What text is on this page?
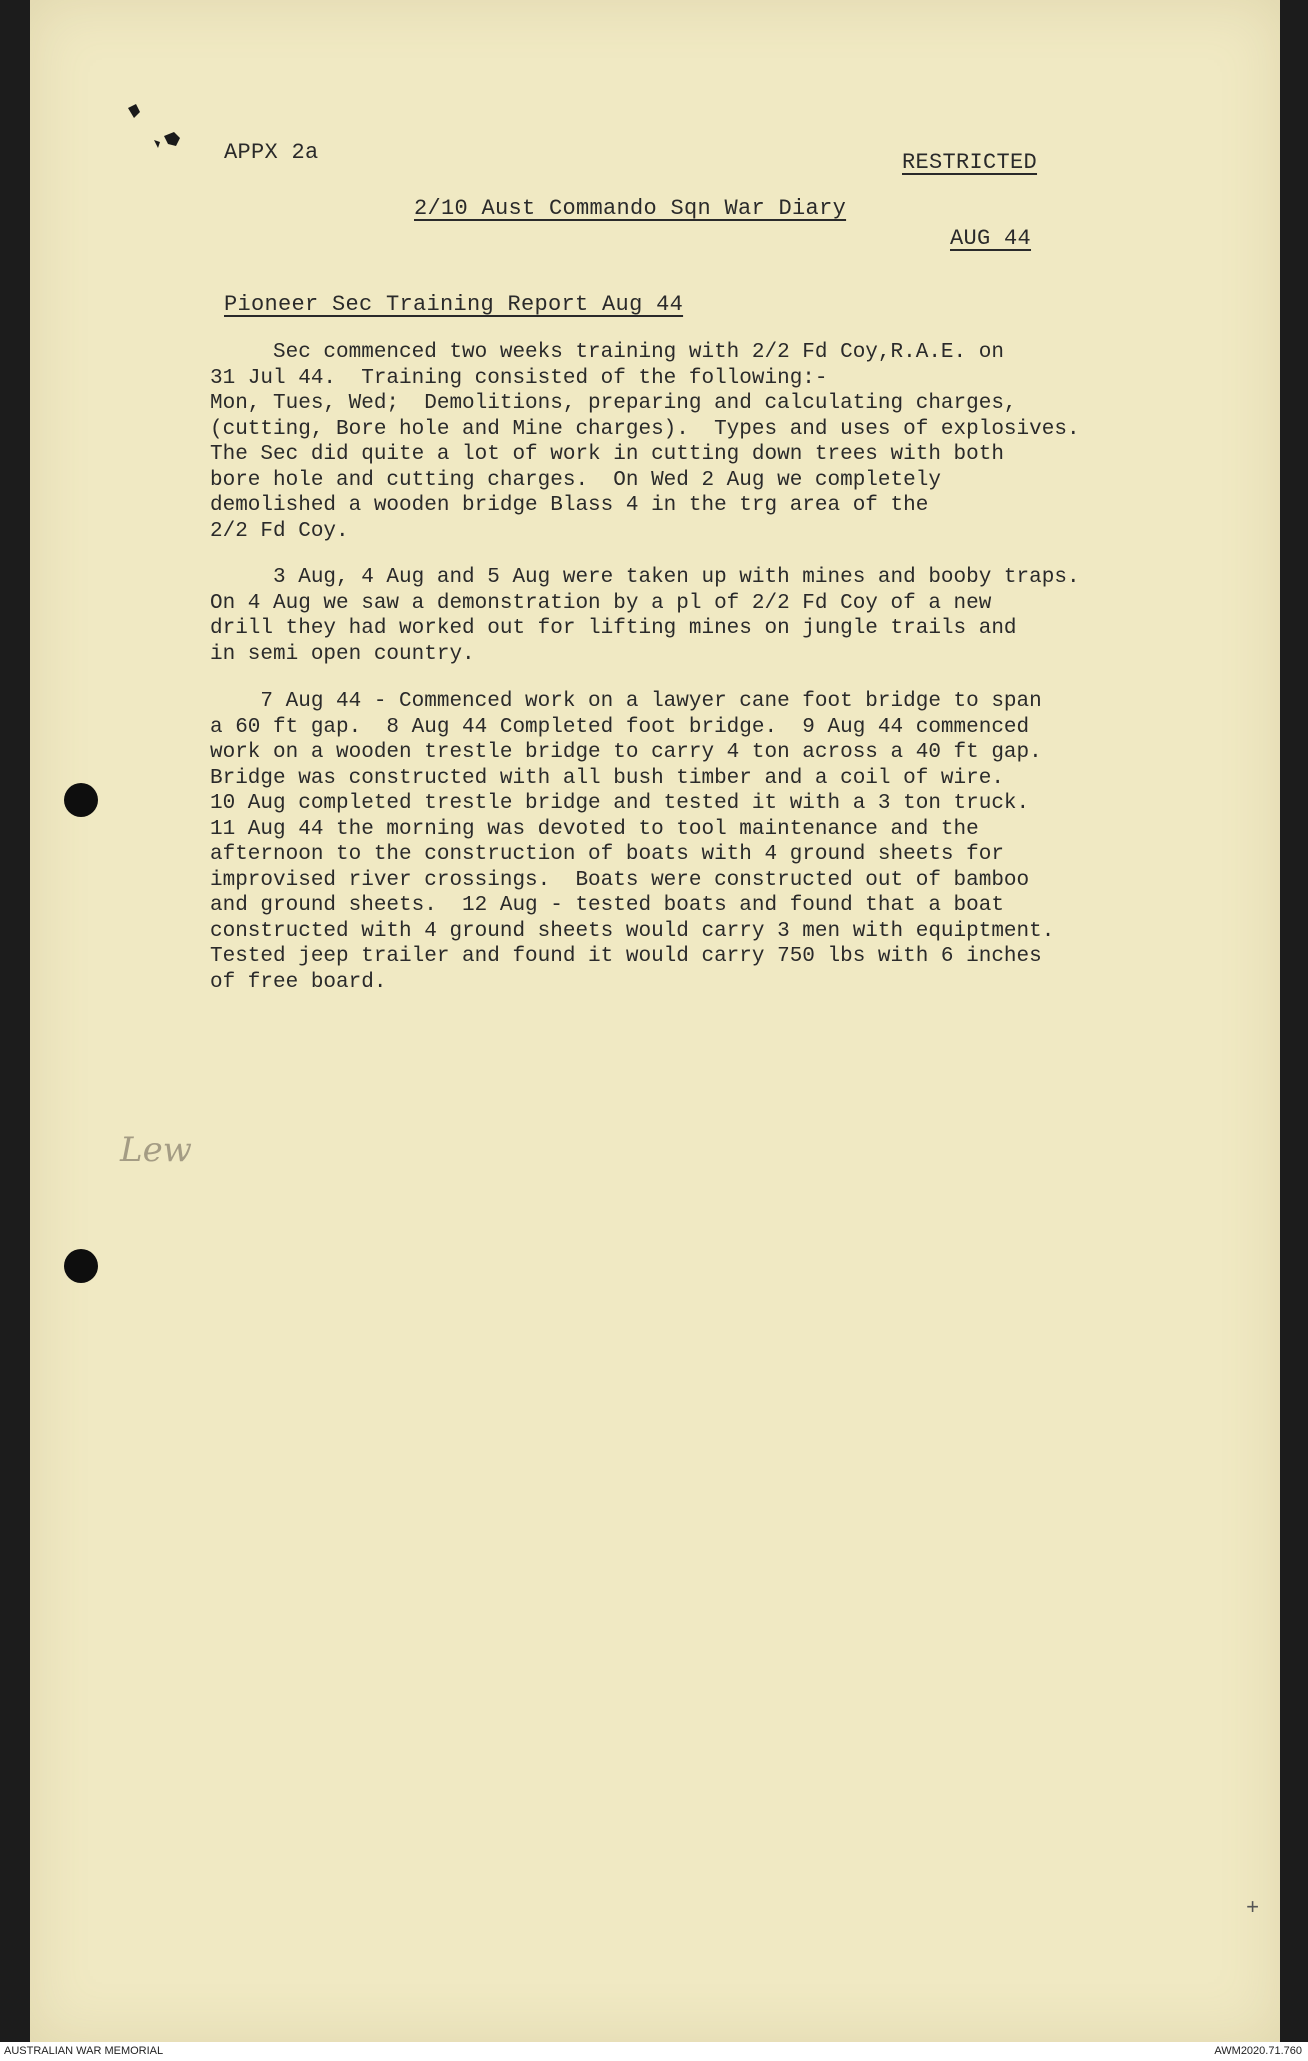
APPX 2a	RESTRICTED
2/10 Aust Commando Sqn War Diary
AUG 44
Pioneer Sec Training Report Aug 44
Sec commenced two weeks training with 2/2 Fd Coy,R.A.E. on
31 Jul 44.  Training consisted of the following:-
Mon, Tues, Wed;  Demolitions, preparing and calculating charges,
(cutting, Bore hole and Mine charges).  Types and uses of explosives.
The Sec did quite a lot of work in cutting down trees with both
bore hole and cutting charges.  On Wed 2 Aug we completely
demolished a wooden bridge Blass 4 in the trg area of the
2/2 Fd Coy.
3 Aug, 4 Aug and 5 Aug were taken up with mines and booby traps.
On 4 Aug we saw a demonstration by a pl of 2/2 Fd Coy of a new
drill they had worked out for lifting mines on jungle trails and
in semi open country.
7 Aug 44 - Commenced work on a lawyer cane foot bridge to span
a 60 ft gap.  8 Aug 44 Completed foot bridge.  9 Aug 44 commenced
work on a wooden trestle bridge to carry 4 ton across a 40 ft gap.
Bridge was constructed with all bush timber and a coil of wire.
10 Aug completed trestle bridge and tested it with a 3 ton truck.
11 Aug 44 the morning was devoted to tool maintenance and the
afternoon to the construction of boats with 4 ground sheets for
improvised river crossings.  Boats were constructed out of bamboo
and ground sheets.  12 Aug - tested boats and found that a boat
constructed with 4 ground sheets would carry 3 men with equiptment.
Tested jeep trailer and found it would carry 750 lbs with 6 inches
of free board.
Lew
+
AUSTRALIAN WAR MEMORIAL	AWM2020.71.760
